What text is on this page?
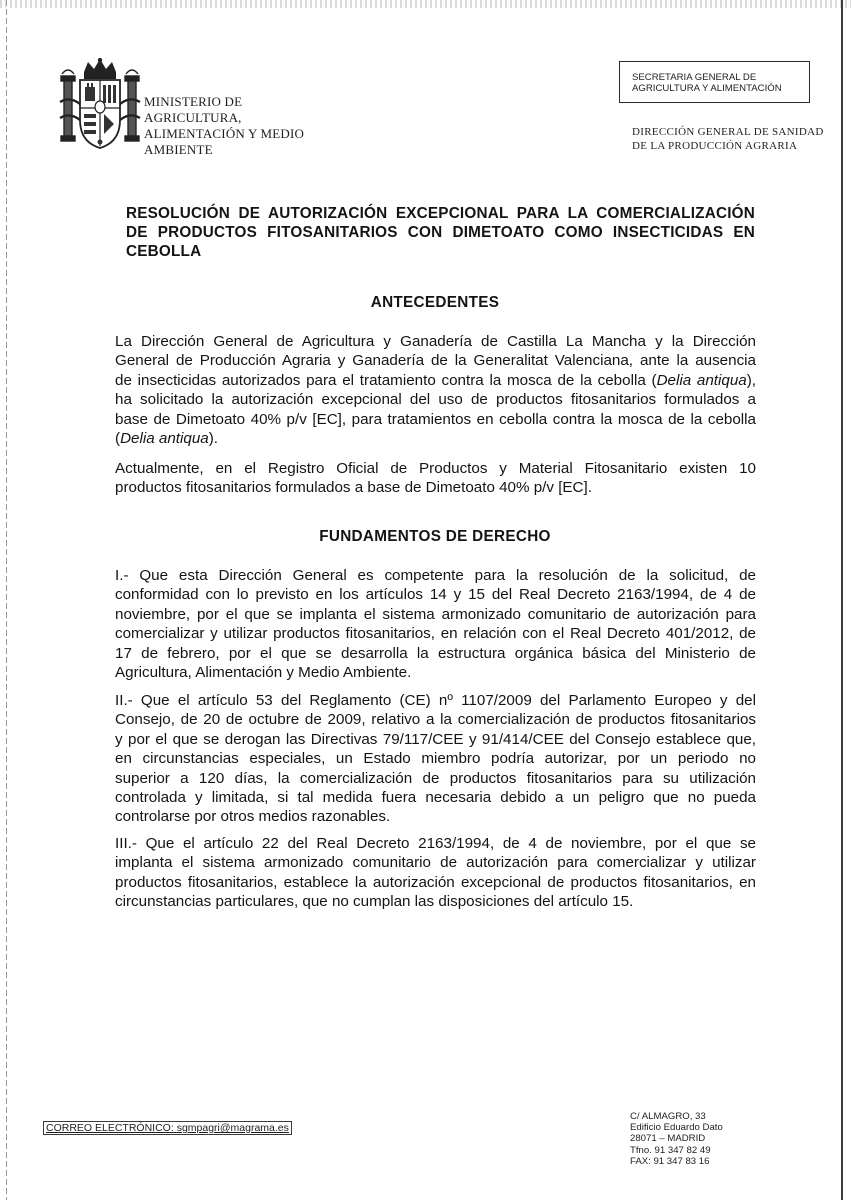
MINISTERIO DE
AGRICULTURA,
ALIMENTACIÓN Y MEDIO
AMBIENTE
SECRETARIA GENERAL DE
AGRICULTURA Y ALIMENTACIÓN
DIRECCIÓN GENERAL DE SANIDAD
DE LA PRODUCCIÓN AGRARIA
RESOLUCIÓN DE AUTORIZACIÓN EXCEPCIONAL PARA LA COMERCIALIZACIÓN DE PRODUCTOS FITOSANITARIOS CON DIMETOATO COMO INSECTICIDAS EN CEBOLLA
ANTECEDENTES
La Dirección General de Agricultura y Ganadería de Castilla La Mancha y la Dirección
General de Producción Agraria y Ganadería de la Generalitat Valenciana, ante la ausencia
de insecticidas autorizados para el tratamiento contra la mosca de la cebolla (Delia antiqua),
ha solicitado la autorización excepcional del uso de productos fitosanitarios formulados a
base de Dimetoato 40% p/v [EC], para tratamientos en cebolla contra la mosca de la cebolla
(Delia antiqua).
Actualmente, en el Registro Oficial de Productos y Material Fitosanitario existen 10
productos fitosanitarios formulados a base de Dimetoato 40% p/v [EC].
FUNDAMENTOS DE DERECHO
I.- Que esta Dirección General es competente para la resolución de la solicitud, de
conformidad con lo previsto en los artículos 14 y 15 del Real Decreto 2163/1994, de 4 de
noviembre, por el que se implanta el sistema armonizado comunitario de autorización para
comercializar y utilizar productos fitosanitarios, en relación con el Real Decreto 401/2012, de
17 de febrero, por el que se desarrolla la estructura orgánica básica del Ministerio de
Agricultura, Alimentación y Medio Ambiente.
II.- Que el artículo 53 del Reglamento (CE) nº 1107/2009 del Parlamento Europeo y del
Consejo, de 20 de octubre de 2009, relativo a la comercialización de productos fitosanitarios
y por el que se derogan las Directivas 79/117/CEE y 91/414/CEE del Consejo establece que,
en circunstancias especiales, un Estado miembro podría autorizar, por un periodo no
superior a 120 días, la comercialización de productos fitosanitarios para su utilización
controlada y limitada, si tal medida fuera necesaria debido a un peligro que no pueda
controlarse por otros medios razonables.
III.- Que el artículo 22 del Real Decreto 2163/1994, de 4 de noviembre, por el que se
implanta el sistema armonizado comunitario de autorización para comercializar y utilizar
productos fitosanitarios, establece la autorización excepcional de productos fitosanitarios, en
circunstancias particulares, que no cumplan las disposiciones del artículo 15.
CORREO ELECTRÓNICO: sgmpagri@magrama.es
C/ ALMAGRO, 33
Edificio Eduardo Dato
28071 – MADRID
Tfno. 91 347 82 49
FAX: 91 347 83 16
